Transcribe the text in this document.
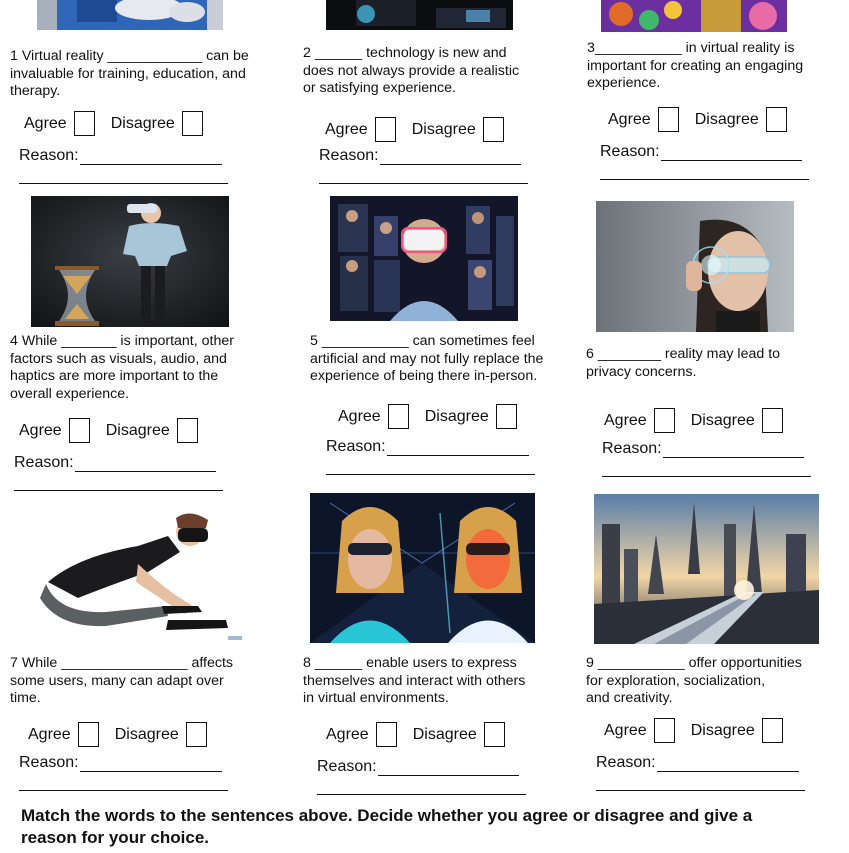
1 Virtual reality ____________ can be
invaluable for training, education, and
therapy.
Agree	Disagree
Reason:
2 ______ technology is new and
does not always provide a realistic
or satisfying experience.
Agree	Disagree
Reason:
3___________ in virtual reality is
important for creating an engaging
experience.
Agree	Disagree
Reason:
4 While _______ is important, other
factors such as visuals, audio, and
haptics are more important to the
overall experience.
Agree	Disagree
Reason:
5 ___________ can sometimes feel
artificial and may not fully replace the
experience of being there in-person.
Agree	Disagree
Reason:
6 ________ reality may lead to
privacy concerns.
Agree	Disagree
Reason:
7 While ________________ affects
some users, many can adapt over
time.
Agree	Disagree
Reason:
8 ______ enable users to express
themselves and interact with others
in virtual environments.
Agree	Disagree
Reason:
9 ___________ offer opportunities
for exploration, socialization,
and creativity.
Agree	Disagree
Reason:
Match the words to the sentences above. Decide whether you agree or disagree and give a reason for your choice.
